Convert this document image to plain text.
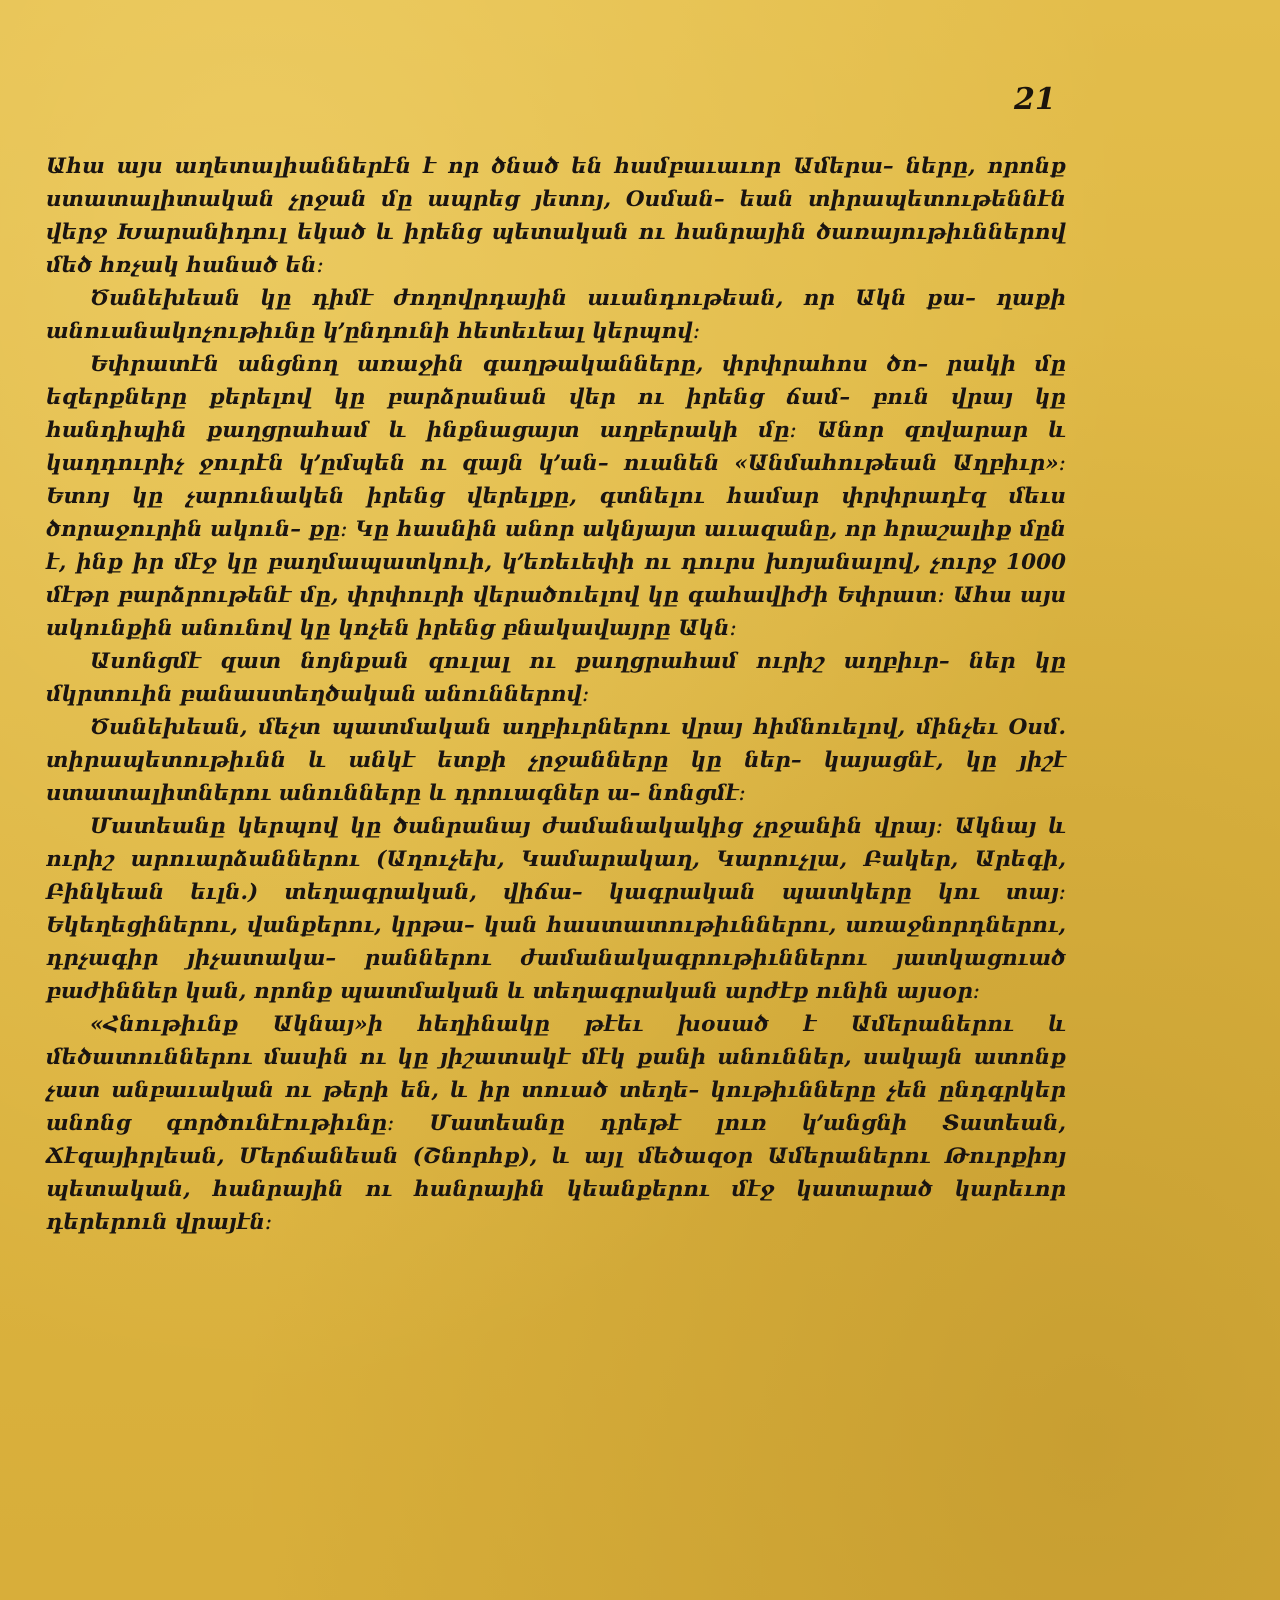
21

Ահա այս աղետալիաններէն է որ ծնած են համբաւաւոր Ամերա– ները, որոնք ստատալիտական չրջան մը ապրեց յետոյ, Օսման– եան տիրապետութեննէն վերջ Խարանիդուլ եկած և իրենց պետական ու հանրային ծառայութիւններով մեծ հռչակ հանած են։

Ծանեխեան կը դիմէ ժողովրդային աւանդութեան, որ Ակն քա– ղաքի անուանակոչութիւնը կ՚ընդունի հետեւեալ կերպով։

Եփրատէն անցնող առաջին գաղթականները, փրփրահոս ծո– րակի մը եզերքները քերելով կը բարձրանան վեր ու իրենց ճամ– բուն վրայ կը հանդիպին քաղցրահամ և ինքնացայտ աղբերակի մը։ Անոր զովարար և կաղդուրիչ ջուրէն կ՚ըմպեն ու զայն կ՚ան– ուանեն «Անմահութեան Աղբիւր»։ Ետոյ կը չարունակեն իրենց վերելքը, գտնելու համար փրփրադէզ մեւս ծորաջուրին ակուն– քը։ Կը հասնին անոր ակնյայտ աւազանը, որ հրաշալիք մըն է, ինք իր մէջ կը բաղմապատկուի, կ՚եռեւեփի ու դուրս խոյանալով, չուրջ 1000 մէթր բարձրութենէ մը, փրփուրի վերածուելով կը գահավիժի Եփրատ։ Ահա այս ակունքին անունով կը կոչեն իրենց բնակավայրը Ակն։

Ասոնցմէ զատ նոյնքան զուլալ ու քաղցրահամ ուրիշ աղբիւր– ներ կը մկրտուին բանաստեղծական անուններով։

Ծանեխեան, մեչտ պատմական աղբիւրներու վրայ հիմնուելով, մինչեւ Օսմ. տիրապետութիւնն և անկէ ետքի չրջանները կը ներ– կայացնէ, կը յիշէ ստատալիտներու անունները և դրուագներ ա– նոնցմէ։

Մատեանը կերպով կը ծանրանայ ժամանակակից չրջանին վրայ։ Ակնայ և ուրիշ արուարձաններու (Աղուչեխ, Կամարակաղ, Կարուչլա, Բակեր, Արեգի, Բինկեան եւլն.) տեղագրական, վիճա– կագրական պատկերը կու տայ։ Եկեղեցիներու, վանքերու, կրթա– կան հաստատութիւններու, առաջնորդներու, դրչագիր յիչատակա– րաններու ժամանակագրութիւններու յատկացուած բաժիններ կան, որոնք պատմական և տեղագրական արժէք ունին այսօր։

«Հնութիւնք Ակնայ»ի հեղինակը թէեւ խօսած է Ամերաներու և մեծատուններու մասին ու կը յիշատակէ մէկ քանի անուններ, սակայն ատոնք չատ անբաւական ու թերի են, և իր տուած տեղե– կութիւնները չեն ընդգրկեր անոնց գործունէութիւնը։ Մատեանը դրեթէ լուռ կ՚անցնի Տատեան, Ճէզայիրլեան, Մերճանեան (Շնորհք), և այլ մեծազօր Ամերաներու Թուրքիոյ պետական, հանրային ու հանրային կեանքերու մէջ կատարած կարեւոր դերերուն վրայէն։
